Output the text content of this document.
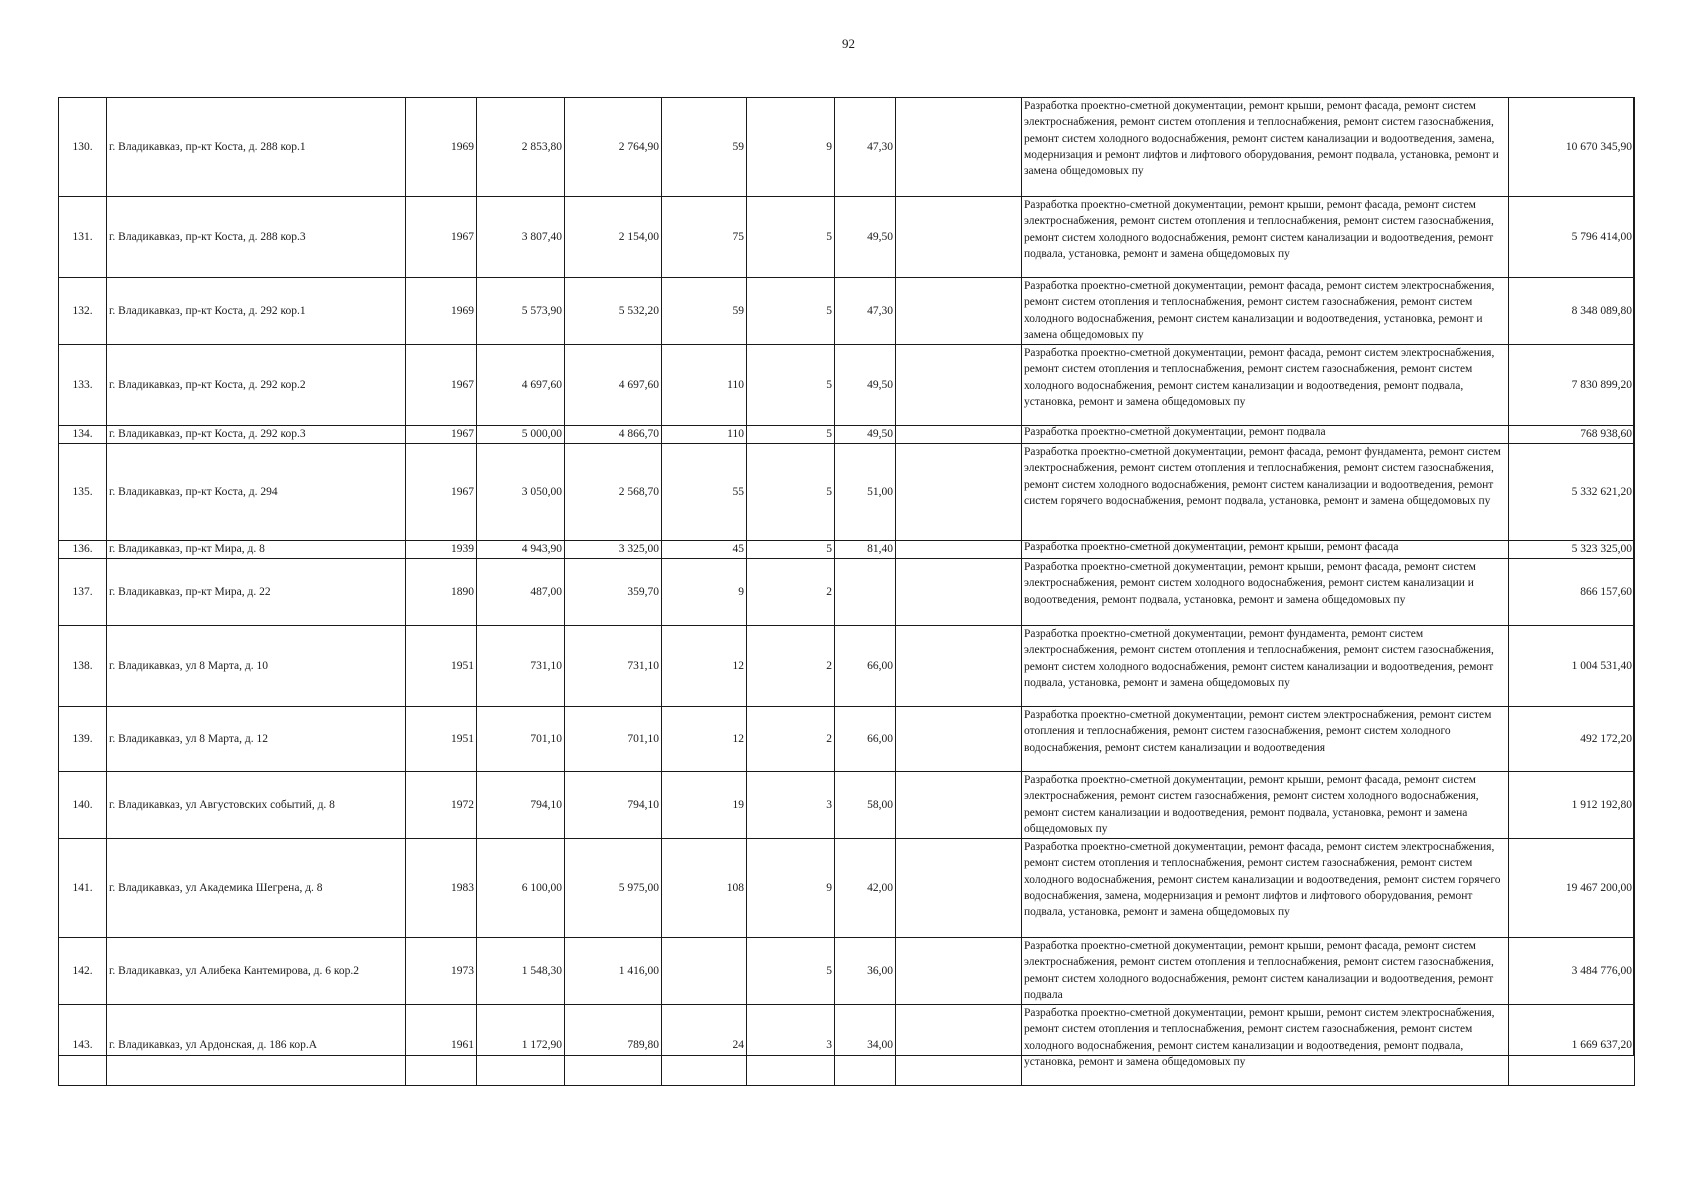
92
130.	г. Владикавказ, пр-кт Коста, д. 288 кор.1	1969	2 853,80	2 764,90	59	9	47,30		Разработка проектно-сметной документации, ремонт крыши, ремонт фасада, ремонт систем электроснабжения, ремонт систем отопления и теплоснабжения, ремонт систем газоснабжения, ремонт систем холодного водоснабжения, ремонт систем канализации и водоотведения, замена, модернизация и ремонт лифтов и лифтового оборудования, ремонт подвала, установка, ремонт и замена общедомовых пу	10 670 345,90
131.	г. Владикавказ, пр-кт Коста, д. 288 кор.3	1967	3 807,40	2 154,00	75	5	49,50		Разработка проектно-сметной документации, ремонт крыши, ремонт фасада, ремонт систем электроснабжения, ремонт систем отопления и теплоснабжения, ремонт систем газоснабжения, ремонт систем холодного водоснабжения, ремонт систем канализации и водоотведения, ремонт подвала, установка, ремонт и замена общедомовых пу	5 796 414,00
132.	г. Владикавказ, пр-кт Коста, д. 292 кор.1	1969	5 573,90	5 532,20	59	5	47,30		Разработка проектно-сметной документации, ремонт фасада, ремонт систем электроснабжения, ремонт систем отопления и теплоснабжения, ремонт систем газоснабжения, ремонт систем холодного водоснабжения, ремонт систем канализации и водоотведения, установка, ремонт и замена общедомовых пу	8 348 089,80
133.	г. Владикавказ, пр-кт Коста, д. 292 кор.2	1967	4 697,60	4 697,60	110	5	49,50		Разработка проектно-сметной документации, ремонт фасада, ремонт систем электроснабжения, ремонт систем отопления и теплоснабжения, ремонт систем газоснабжения, ремонт систем холодного водоснабжения, ремонт систем канализации и водоотведения, ремонт подвала, установка, ремонт и замена общедомовых пу	7 830 899,20
134.	г. Владикавказ, пр-кт Коста, д. 292 кор.3	1967	5 000,00	4 866,70	110	5	49,50		Разработка проектно-сметной документации, ремонт подвала	768 938,60
135.	г. Владикавказ, пр-кт Коста, д. 294	1967	3 050,00	2 568,70	55	5	51,00		Разработка проектно-сметной документации, ремонт фасада, ремонт фундамента, ремонт систем электроснабжения, ремонт систем отопления и теплоснабжения, ремонт систем газоснабжения, ремонт систем холодного водоснабжения, ремонт систем канализации и водоотведения, ремонт систем горячего водоснабжения, ремонт подвала, установка, ремонт и замена общедомовых пу	5 332 621,20
136.	г. Владикавказ, пр-кт Мира, д. 8	1939	4 943,90	3 325,00	45	5	81,40		Разработка проектно-сметной документации, ремонт крыши, ремонт фасада	5 323 325,00
137.	г. Владикавказ, пр-кт Мира, д. 22	1890	487,00	359,70	9	2			Разработка проектно-сметной документации, ремонт крыши, ремонт фасада, ремонт систем электроснабжения, ремонт систем холодного водоснабжения, ремонт систем канализации и водоотведения, ремонт подвала, установка, ремонт и замена общедомовых пу	866 157,60
138.	г. Владикавказ, ул 8 Марта, д. 10	1951	731,10	731,10	12	2	66,00		Разработка проектно-сметной документации, ремонт фундамента, ремонт систем электроснабжения, ремонт систем отопления и теплоснабжения, ремонт систем газоснабжения, ремонт систем холодного водоснабжения, ремонт систем канализации и водоотведения, ремонт подвала, установка, ремонт и замена общедомовых пу	1 004 531,40
139.	г. Владикавказ, ул 8 Марта, д. 12	1951	701,10	701,10	12	2	66,00		Разработка проектно-сметной документации, ремонт систем электроснабжения, ремонт систем отопления и теплоснабжения, ремонт систем газоснабжения, ремонт систем холодного водоснабжения, ремонт систем канализации и водоотведения	492 172,20
140.	г. Владикавказ, ул Августовских событий, д. 8	1972	794,10	794,10	19	3	58,00		Разработка проектно-сметной документации, ремонт крыши, ремонт фасада, ремонт систем электроснабжения, ремонт систем газоснабжения, ремонт систем холодного водоснабжения, ремонт систем канализации и водоотведения, ремонт подвала, установка, ремонт и замена общедомовых пу	1 912 192,80
141.	г. Владикавказ, ул Академика Шегрена, д. 8	1983	6 100,00	5 975,00	108	9	42,00		Разработка проектно-сметной документации, ремонт фасада, ремонт систем электроснабжения, ремонт систем отопления и теплоснабжения, ремонт систем газоснабжения, ремонт систем холодного водоснабжения, ремонт систем канализации и водоотведения, ремонт систем горячего водоснабжения, замена, модернизация и ремонт лифтов и лифтового оборудования, ремонт подвала, установка, ремонт и замена общедомовых пу	19 467 200,00
142.	г. Владикавказ, ул Алибека Кантемирова, д. 6 кор.2	1973	1 548,30	1 416,00		5	36,00		Разработка проектно-сметной документации, ремонт крыши, ремонт фасада, ремонт систем электроснабжения, ремонт систем отопления и теплоснабжения, ремонт систем газоснабжения, ремонт систем холодного водоснабжения, ремонт систем канализации и водоотведения, ремонт подвала	3 484 776,00
143.	г. Владикавказ, ул Ардонская, д. 186 кор.А	1961	1 172,90	789,80	24	3	34,00		Разработка проектно-сметной документации, ремонт крыши, ремонт систем электроснабжения, ремонт систем отопления и теплоснабжения, ремонт систем газоснабжения, ремонт систем холодного водоснабжения, ремонт систем канализации и водоотведения, ремонт подвала, установка, ремонт и замена общедомовых пу	1 669 637,20
